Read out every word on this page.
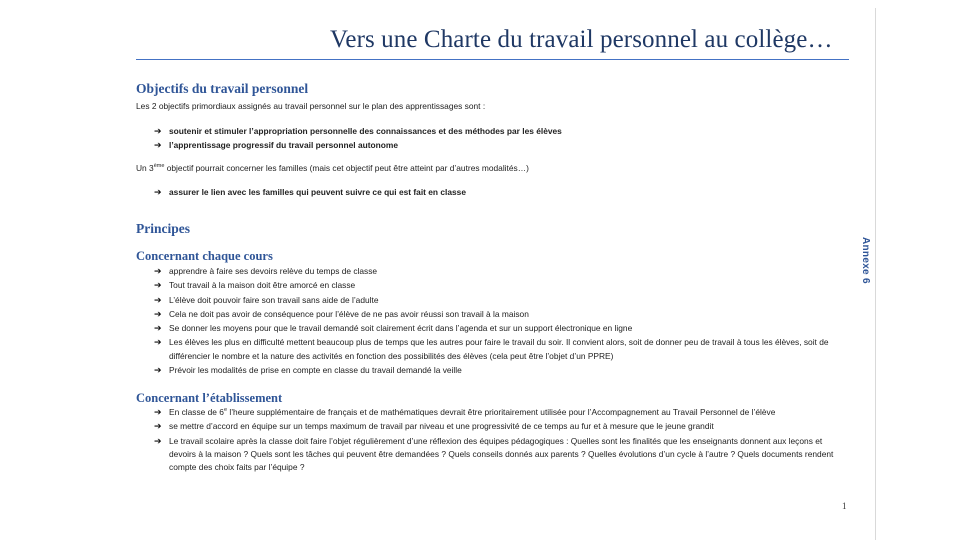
Vers une Charte du travail personnel au collège…
Annexe 6
Objectifs du travail personnel
Les 2 objectifs primordiaux assignés au travail personnel sur le plan des apprentissages sont :
➔ soutenir et stimuler l’appropriation personnelle des connaissances et des méthodes par les élèves
➔ l’apprentissage progressif du travail personnel autonome
Un 3ème objectif pourrait concerner les familles (mais cet objectif peut être atteint par d’autres modalités…)
➔ assurer le lien avec les familles qui peuvent suivre ce qui est fait en classe
Principes
Concernant chaque cours
➔ apprendre à faire ses devoirs relève du temps de classe
➔ Tout travail à la maison doit être amorcé en classe
➔ L’élève doit pouvoir faire son travail sans aide de l’adulte
➔ Cela ne doit pas avoir de conséquence pour l’élève de ne pas avoir réussi son travail à la maison
➔ Se donner les moyens pour que le travail demandé soit clairement écrit dans l’agenda et sur un support électronique en ligne
➔ Les élèves les plus en difficulté mettent beaucoup plus de temps que les autres pour faire le travail du soir. Il convient alors, soit de donner peu de travail à tous les élèves, soit de différencier le nombre et la nature des activités en fonction des possibilités des élèves (cela peut être l’objet d’un PPRE)
➔ Prévoir les modalités de prise en compte en classe du travail demandé la veille
Concernant l’établissement
➔ En classe de 6e l’heure supplémentaire de français et de mathématiques devrait être prioritairement utilisée pour l’Accompagnement au Travail Personnel de l’élève
➔ se mettre d’accord en équipe sur un temps maximum de travail par niveau et une progressivité de ce temps au fur et à mesure que le jeune grandit
➔ Le travail scolaire après la classe doit faire l’objet régulièrement d’une réflexion des équipes pédagogiques : Quelles sont les finalités que les enseignants donnent aux leçons et devoirs à la maison ? Quels sont les tâches qui peuvent être demandées ? Quels conseils donnés aux parents ? Quelles évolutions d’un cycle à l’autre ? Quels documents rendent compte des choix faits par l’équipe ?
1
